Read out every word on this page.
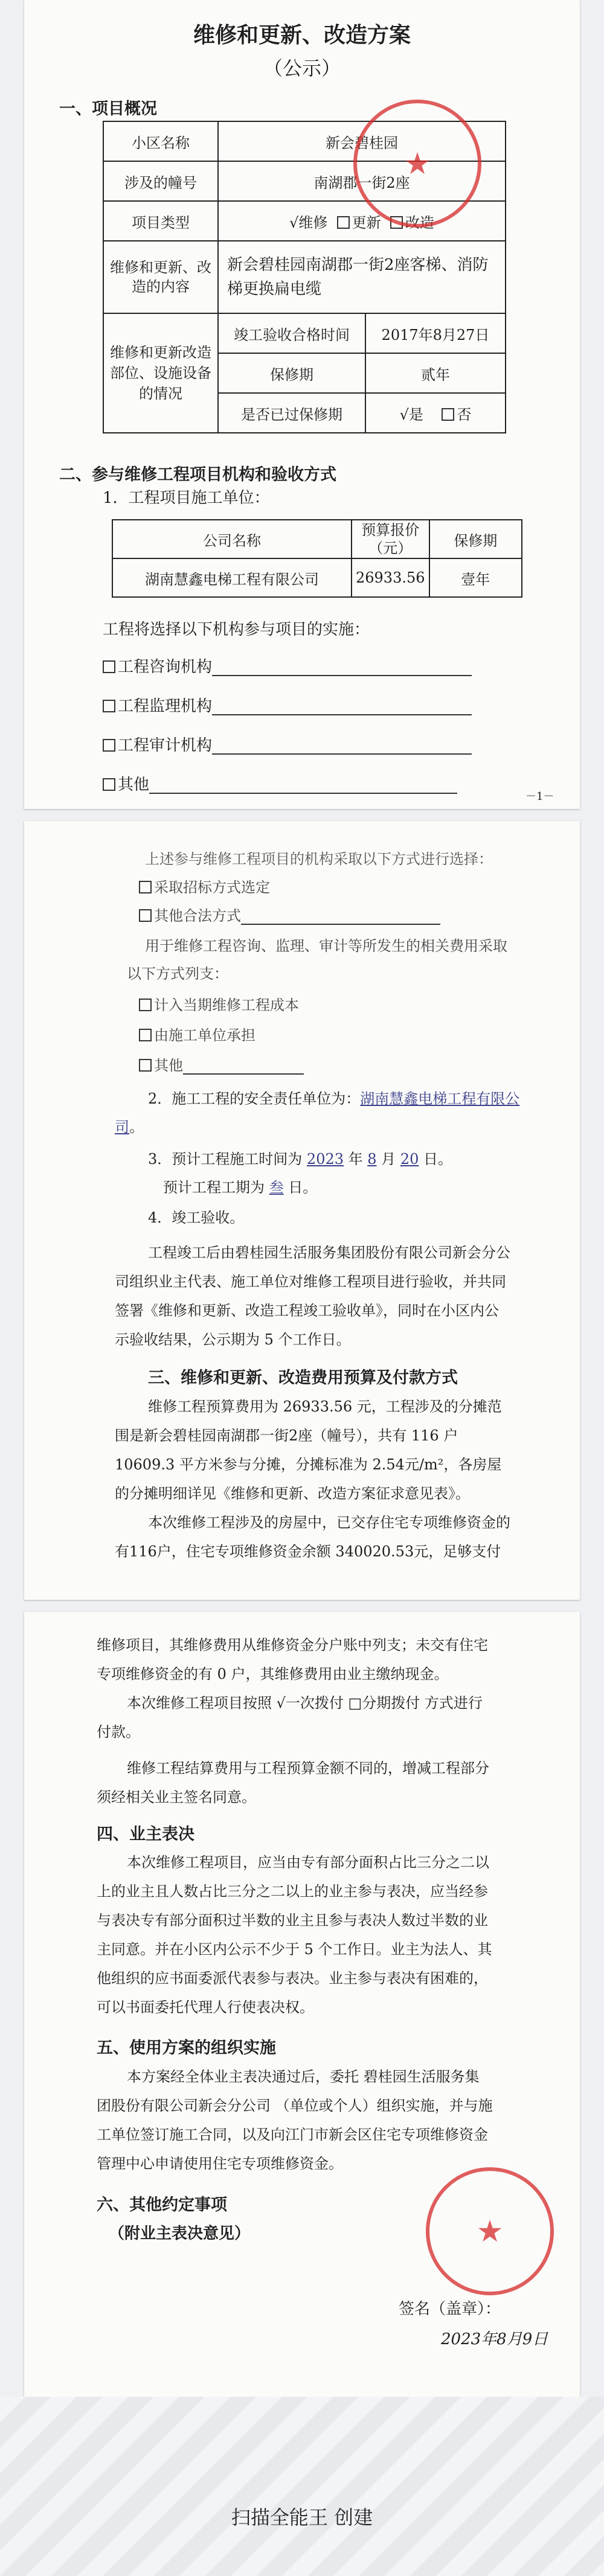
维修和更新、改造方案
（公示）
一、项目概况
小区名称	新会碧桂园	
涉及的幢号	南湖郡一街2座	
项目类型	√维修 更新 改造	
维修和更新、改造的内容	新会碧桂园南湖郡一街2座客梯、消防梯更换扁电缆	
维修和更新改造部位、设施设备的情况	竣工验收合格时间	2017年8月27日
	保修期	贰年
	是否已过保修期	√是 否
★
二、参与维修工程项目机构和验收方式
1．工程项目施工单位：
公司名称	预算报价（元）	保修期
湖南慧鑫电梯工程有限公司	26933.56	壹年
工程将选择以下机构参与项目的实施：
工程咨询机构
工程监理机构
工程审计机构
其他
－1－
上述参与维修工程项目的机构采取以下方式进行选择：
采取招标方式选定
其他合法方式
用于维修工程咨询、监理、审计等所发生的相关费用采取
以下方式列支：
计入当期维修工程成本
由施工单位承担
其他
2．施工工程的安全责任单位为：湖南慧鑫电梯工程有限公
司。
3．预计工程施工时间为 2023 年 8 月 20 日。
预计工程工期为 叁 日。
4．竣工验收。
工程竣工后由碧桂园生活服务集团股份有限公司新会分公
司组织业主代表、施工单位对维修工程项目进行验收，并共同
签署《维修和更新、改造工程竣工验收单》，同时在小区内公
示验收结果，公示期为 5 个工作日。
三、维修和更新、改造费用预算及付款方式
维修工程预算费用为 26933.56 元，工程涉及的分摊范
围是新会碧桂园南湖郡一街2座（幢号），共有 116 户
10609.3 平方米参与分摊，分摊标准为 2.54元/m²，各房屋
的分摊明细详见《维修和更新、改造方案征求意见表》。
本次维修工程涉及的房屋中，已交存住宅专项维修资金的
有116户，住宅专项维修资金余额 340020.53元，足够支付
维修项目，其维修费用从维修资金分户账中列支；未交有住宅
专项维修资金的有 0 户，其维修费用由业主缴纳现金。
本次维修工程项目按照 √一次拨付 □分期拨付 方式进行
付款。
维修工程结算费用与工程预算金额不同的，增减工程部分
须经相关业主签名同意。
四、业主表决
本次维修工程项目，应当由专有部分面积占比三分之二以
上的业主且人数占比三分之二以上的业主参与表决，应当经参
与表决专有部分面积过半数的业主且参与表决人数过半数的业
主同意。并在小区内公示不少于 5 个工作日。业主为法人、其
他组织的应书面委派代表参与表决。业主参与表决有困难的，
可以书面委托代理人行使表决权。
五、使用方案的组织实施
本方案经全体业主表决通过后，委托 碧桂园生活服务集
团股份有限公司新会分公司 （单位或个人）组织实施，并与施
工单位签订施工合同，以及向江门市新会区住宅专项维修资金
管理中心申请使用住宅专项维修资金。
六、其他约定事项
（附业主表决意见）	★
签名（盖章）：
2023年8月9日
扫描全能王 创建
